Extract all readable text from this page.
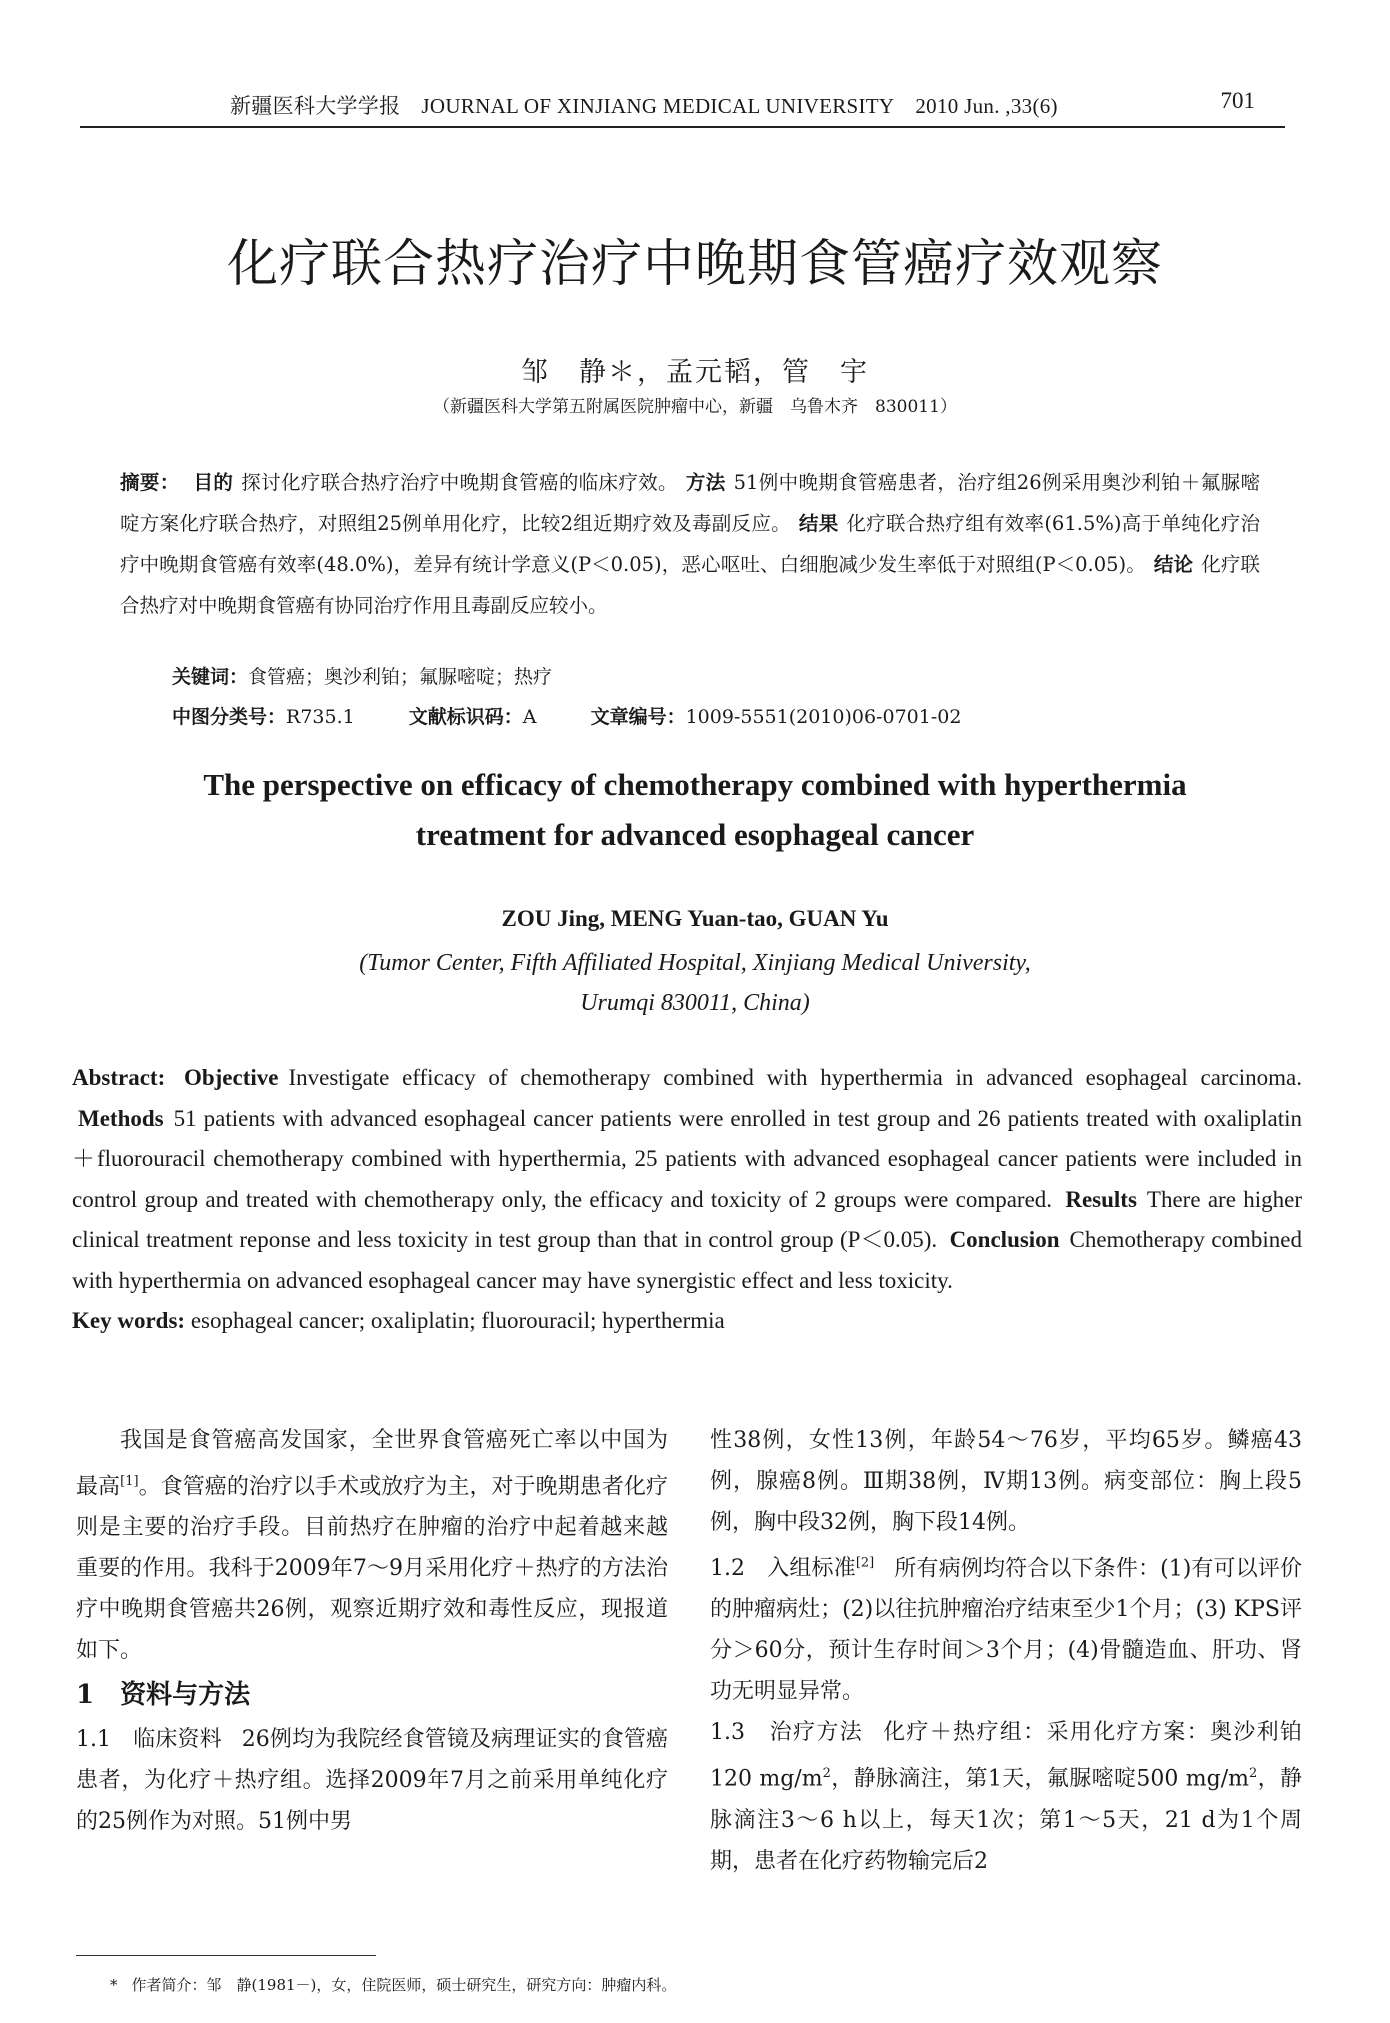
新疆医科大学学报 JOURNAL OF XINJIANG MEDICAL UNIVERSITY 2010 Jun. ,33(6)	701
化疗联合热疗治疗中晚期食管癌疗效观察
邹　静＊，孟元韬，管　宇
（新疆医科大学第五附属医院肿瘤中心，新疆　乌鲁木齐　830011）

摘要： 目的 探讨化疗联合热疗治疗中晚期食管癌的临床疗效。 方法 51例中晚期食管癌患者，治疗组26例采用奥沙利铂＋氟脲嘧啶方案化疗联合热疗，对照组25例单用化疗，比较2组近期疗效及毒副反应。 结果 化疗联合热疗组有效率(61.5%)高于单纯化疗治疗中晚期食管癌有效率(48.0%)，差异有统计学意义(P＜0.05)，恶心呕吐、白细胞减少发生率低于对照组(P＜0.05)。 结论 化疗联合热疗对中晚期食管癌有协同治疗作用且毒副反应较小。

关键词：食管癌；奥沙利铂；氟脲嘧啶；热疗
中图分类号：R735.1	文献标识码：A	文章编号：1009-5551(2010)06-0701-02
The perspective on efficacy of chemotherapy combined with hyperthermia
treatment for advanced esophageal cancer
ZOU Jing, MENG Yuan-tao, GUAN Yu

(Tumor Center, Fifth Affiliated Hospital, Xinjiang Medical University,

Urumqi 830011, China)

Abstract: Objective Investigate efficacy of chemotherapy combined with hyperthermia in advanced esophageal carcinoma. Methods 51 patients with advanced esophageal cancer patients were enrolled in test group and 26 patients treated with oxaliplatin＋fluorouracil chemotherapy combined with hyperthermia, 25 patients with advanced esophageal cancer patients were included in control group and treated with chemotherapy only, the efficacy and toxicity of 2 groups were compared. Results There are higher clinical treatment reponse and less toxicity in test group than that in control group (P＜0.05). Conclusion Chemotherapy combined with hyperthermia on advanced esophageal cancer may have synergistic effect and less toxicity.
Key words: esophageal cancer; oxaliplatin; fluorouracil; hyperthermia

我国是食管癌高发国家，全世界食管癌死亡率以中国为最高[1]。食管癌的治疗以手术或放疗为主，对于晚期患者化疗则是主要的治疗手段。目前热疗在肿瘤的治疗中起着越来越重要的作用。我科于2009年7～9月采用化疗＋热疗的方法治疗中晚期食管癌共26例，观察近期疗效和毒性反应，现报道如下。

1 资料与方法

1.1　临床资料 26例均为我院经食管镜及病理证实的食管癌患者，为化疗＋热疗组。选择2009年7月之前采用单纯化疗的25例作为对照。51例中男

性38例，女性13例，年龄54～76岁，平均65岁。鳞癌43例，腺癌8例。Ⅲ期38例，Ⅳ期13例。病变部位：胸上段5例，胸中段32例，胸下段14例。

1.2　入组标准[2] 所有病例均符合以下条件：(1)有可以评价的肿瘤病灶；(2)以往抗肿瘤治疗结束至少1个月；(3) KPS评分＞60分，预计生存时间＞3个月；(4)骨髓造血、肝功、肾功无明显异常。

1.3　治疗方法 化疗＋热疗组：采用化疗方案：奥沙利铂120 $mg/m^2$，静脉滴注，第1天，氟脲嘧啶500 $mg/m^2$，静脉滴注3～6 h以上，每天1次；第1～5天，21 d为1个周期，患者在化疗药物输完后2

* 作者简介：邹　静(1981－)，女，住院医师，硕士研究生，研究方向：肿瘤内科。
